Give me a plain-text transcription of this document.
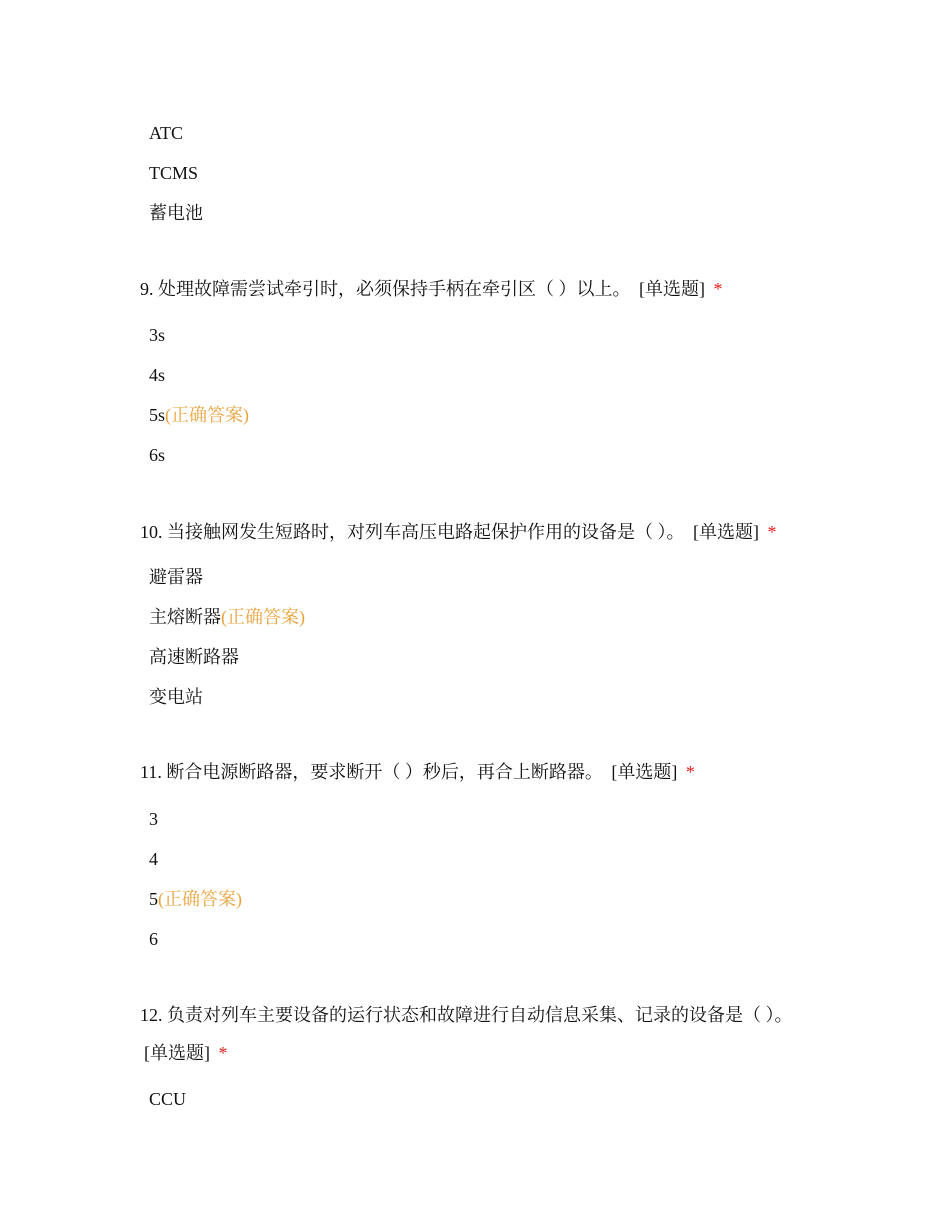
ATC
TCMS
蓄电池
9. 处理故障需尝试牵引时，必须保持手柄在牵引区（ ）以上。 [单选题] *
3s
4s
5s(正确答案)
6s
10. 当接触网发生短路时，对列车高压电路起保护作用的设备是（ ）。 [单选题] *
避雷器
主熔断器(正确答案)
高速断路器
变电站
11. 断合电源断路器，要求断开（ ）秒后，再合上断路器。 [单选题] *
3
4
5(正确答案)
6
12. 负责对列车主要设备的运行状态和故障进行自动信息采集、记录的设备是（ ）。 [单选题] *
CCU
